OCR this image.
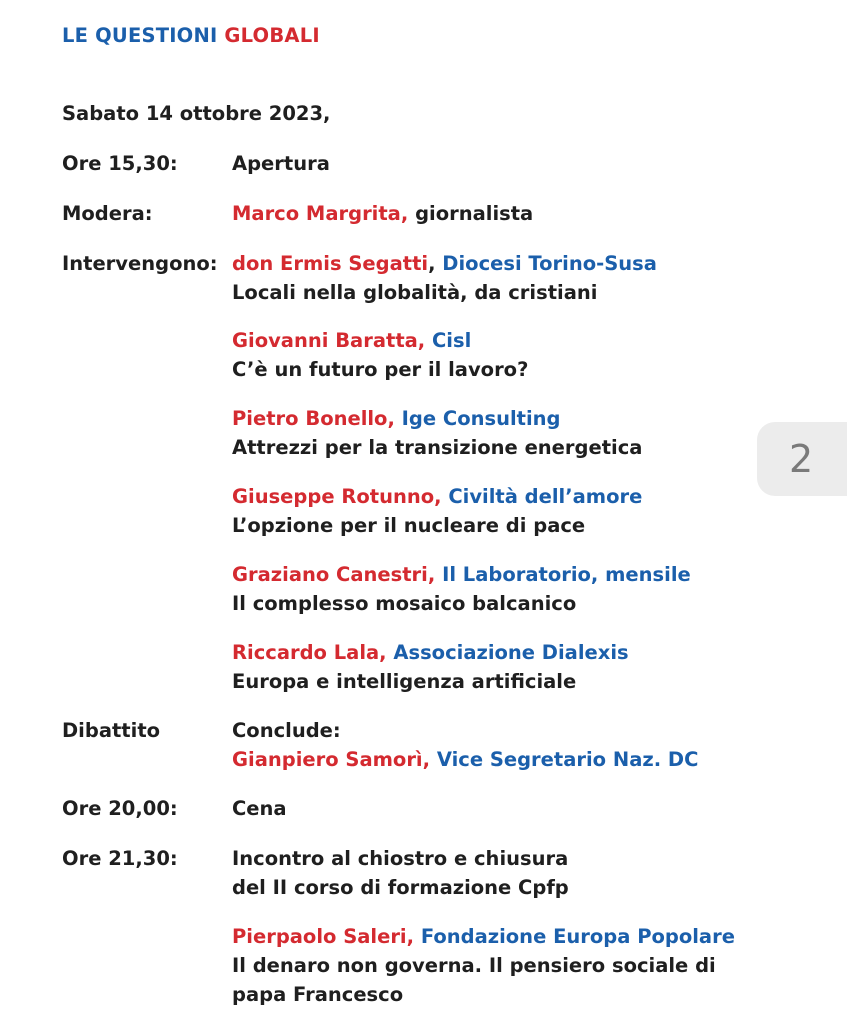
LE QUESTIONI GLOBALI
Sabato 14 ottobre 2023,
Ore 15,30:	Apertura
Modera:	Marco Margrita, giornalista
Intervengono: don Ermis Segatti, Diocesi Torino-Susa
Locali nella globalità, da cristiani
Giovanni Baratta, Cisl
C’è un futuro per il lavoro?
Pietro Bonello, Ige Consulting
Attrezzi per la transizione energetica
Giuseppe Rotunno, Civiltà dell’amore
L’opzione per il nucleare di pace
Graziano Canestri, Il Laboratorio, mensile
Il complesso mosaico balcanico
Riccardo Lala, Associazione Dialexis
Europa e intelligenza artificiale
Dibattito	Conclude:
Gianpiero Samorì, Vice Segretario Naz. DC
Ore 20,00:	Cena
Ore 21,30:	Incontro al chiostro e chiusura
del II corso di formazione Cpfp
Pierpaolo Saleri, Fondazione Europa Popolare
Il denaro non governa. Il pensiero sociale di
papa Francesco
2
